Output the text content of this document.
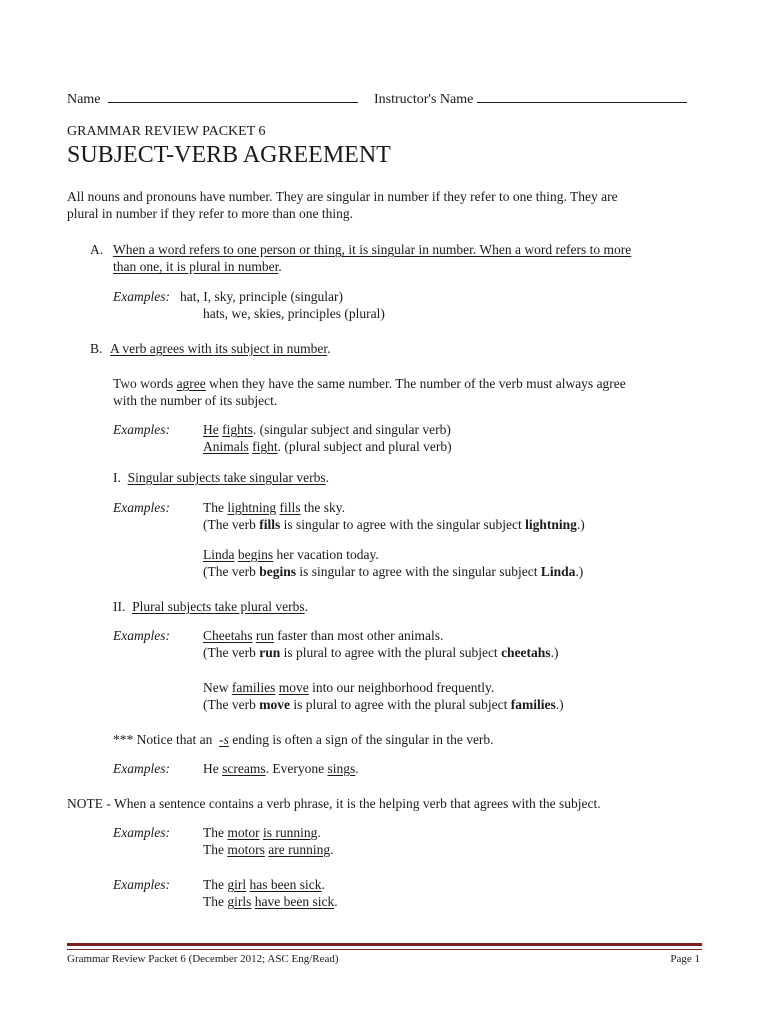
Name	Instructor's Name
GRAMMAR REVIEW PACKET 6
SUBJECT-VERB AGREEMENT
All nouns and pronouns have number. They are singular in number if they refer to one thing. They are
plural in number if they refer to more than one thing.
A. When a word refers to one person or thing, it is singular in number. When a word refers to more
than one, it is plural in number.
Examples: hat, I, sky, principle (singular)
hats, we, skies, principles (plural)
B. A verb agrees with its subject in number.
Two words agree when they have the same number. The number of the verb must always agree
with the number of its subject.
Examples: He fights. (singular subject and singular verb)
Animals fight. (plural subject and plural verb)
I. Singular subjects take singular verbs.
Examples: The lightning fills the sky.
(The verb fills is singular to agree with the singular subject lightning.)
Linda begins her vacation today.
(The verb begins is singular to agree with the singular subject Linda.)
II. Plural subjects take plural verbs.
Examples: Cheetahs run faster than most other animals.
(The verb run is plural to agree with the plural subject cheetahs.)
New families move into our neighborhood frequently.
(The verb move is plural to agree with the plural subject families.)
*** Notice that an  -s ending is often a sign of the singular in the verb.
Examples: He screams. Everyone sings.
NOTE - When a sentence contains a verb phrase, it is the helping verb that agrees with the subject.
Examples: The motor is running.
The motors are running.
Examples: The girl has been sick.
The girls have been sick.
Grammar Review Packet 6 (December 2012; ASC Eng/Read)	Page 1
